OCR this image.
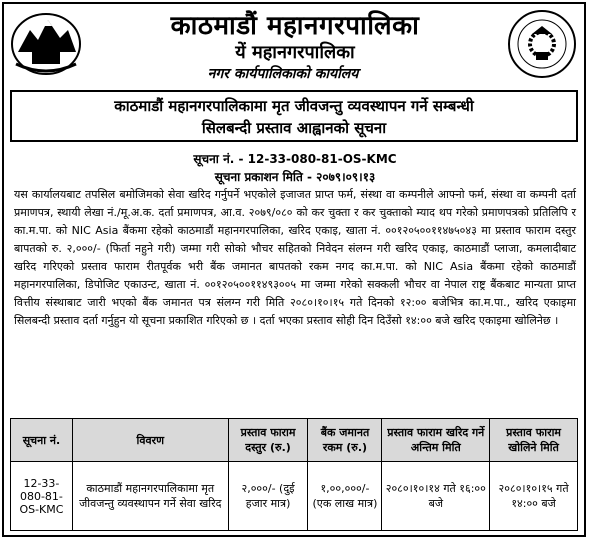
काठमाडौं महानगरपालिका
यें महानगरपालिका
नगर कार्यपालिकाको कार्यालय
काठमाडौं महानगरपालिकामा मृत जीवजन्तु व्यवस्थापन गर्ने सम्बन्धी
सिलबन्दी प्रस्ताव आह्वानको सूचना
सूचना नं. - 12-33-080-81-OS-KMC
सूचना प्रकाशन मिति - २०७९।०९।१३
यस कार्यालयबाट तपसिल बमोजिमको सेवा खरिद गर्नुपर्ने भएकोले इजाजत प्राप्त फर्म, संस्था वा कम्पनीले आफ्नो फर्म, संस्था वा कम्पनी दर्ता प्रमाणपत्र, स्थायी लेखा नं./मू.अ.क. दर्ता प्रमाणपत्र, आ.व. २०७९/०८० को कर चुक्ता र कर चुक्ताको म्याद थप गरेको प्रमाणपत्रको प्रतिलिपि र का.म.पा. को NIC Asia बैंकमा रहेको काठमाडौं महानगरपालिका, खरिद एकाइ, खाता नं. ००१२०५००११४७५०४३ मा प्रस्ताव फाराम दस्तुर बापतको रु. २,०००/- (फिर्ता नहुने गरी) जम्मा गरी सोको भौचर सहितको निवेदन संलग्न गरी खरिद एकाइ, काठमाडौं प्लाजा, कमलादीबाट खरिद गरिएको प्रस्ताव फाराम रीतपूर्वक भरी बैंक जमानत बापतको रकम नगद का.म.पा. को NIC Asia बैंकमा रहेको काठमाडौं महानगरपालिका, डिपोजिट एकाउन्ट, खाता नं. ००१२०५००११४९३००५ मा जम्मा गरेको सक्कली भौचर वा नेपाल राष्ट्र बैंकबाट मान्यता प्राप्त वित्तीय संस्थाबाट जारी भएको बैंक जमानत पत्र संलग्न गरी मिति २०८०।१०।१५ गते दिनको १२:०० बजेभित्र का.म.पा., खरिद एकाइमा सिलबन्दी प्रस्ताव दर्ता गर्नुहुन यो सूचना प्रकाशित गरिएको छ । दर्ता भएका प्रस्ताव सोही दिन दिउँसो १४:०० बजे खरिद एकाइमा खोलिनेछ ।
सूचना नं.	विवरण	प्रस्ताव फाराम दस्तुर (रु.)	बैंक जमानत रकम (रु.)	प्रस्ताव फाराम खरिद गर्ने अन्तिम मिति	प्रस्ताव फाराम खोलिने मिति
12-33-080-81-OS-KMC	काठमाडौं महानगरपालिकामा मृत जीवजन्तु व्यवस्थापन गर्ने सेवा खरिद	२,०००/- (दुई हजार मात्र)	१,००,०००/- (एक लाख मात्र)	२०८०।१०।१४ गते १६:०० बजे	२०८०।१०।१५ गते १४:०० बजे
